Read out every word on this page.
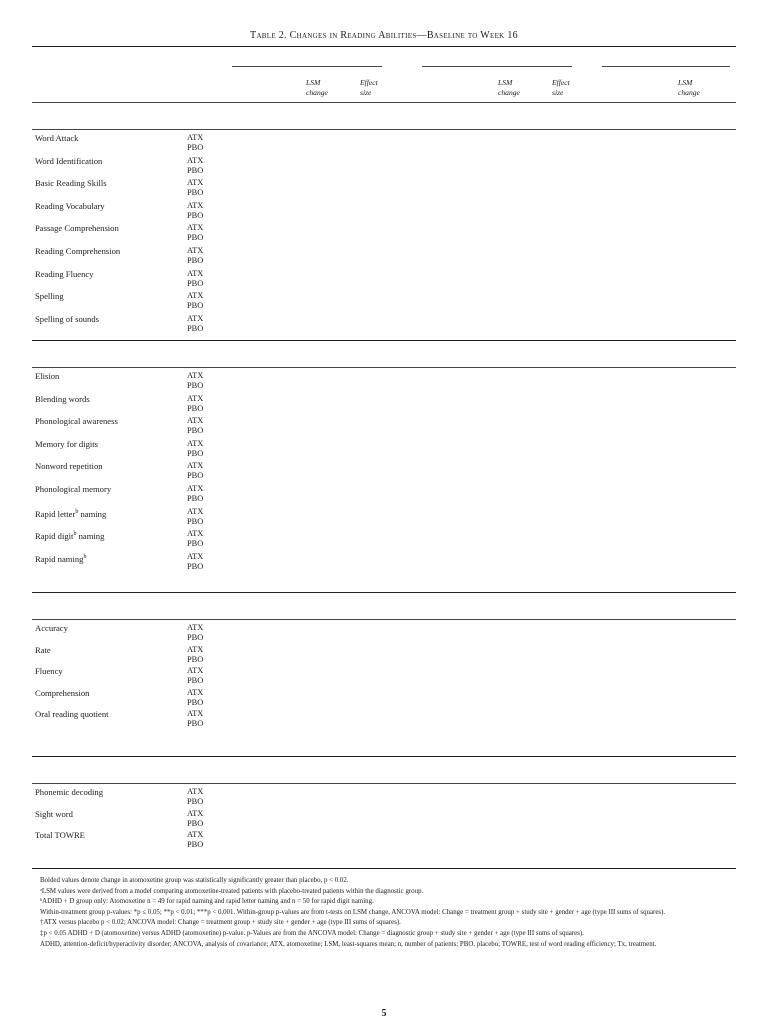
Table 2. Changes in Reading Abilities—Baseline to Week 16
LSM
change
Effect
size
LSM
change
Effect
size
LSM
change
Word Attack	ATX
PBO
Word Identification	ATX
PBO
Basic Reading Skills	ATX
PBO
Reading Vocabulary	ATX
PBO
Passage Comprehension	ATX
PBO
Reading Comprehension	ATX
PBO
Reading Fluency	ATX
PBO
Spelling	ATX
PBO
Spelling of sounds	ATX
PBO
Elision	ATX
PBO
Blending words	ATX
PBO
Phonological awareness	ATX
PBO
Memory for digits	ATX
PBO
Nonword repetition	ATX
PBO
Phonological memory	ATX
PBO
Rapid letter$^b$ naming	ATX
PBO
Rapid digit$^b$ naming	ATX
PBO
Rapid naming$^b$	ATX
PBO
Accuracy	ATX
PBO
Rate	ATX
PBO
Fluency	ATX
PBO
Comprehension	ATX
PBO
Oral reading quotient	ATX
PBO
Phonemic decoding	ATX
PBO
Sight word	ATX
PBO
Total TOWRE	ATX
PBO

Bolded values denote change in atomoxetine group was statistically significantly greater than placebo, p < 0.02.

ᵃLSM values were derived from a model comparing atomoxetine-treated patients with placebo-treated patients within the diagnostic group.

ᵇADHD + D group only: Atomoxetine n = 49 for rapid naming and rapid letter naming and n = 50 for rapid digit naming.

Within-treatment group p-values: *p ≤ 0.05; **p < 0.01; ***p < 0.001. Within-group p-values are from t-tests on LSM change, ANCOVA model: Change = treatment group + study site + gender + age (type III sums of squares).

†ATX versus placebo p < 0.02; ANCOVA model: Change = treatment group + study site + gender + age (type III sums of squares).

‡p < 0.05 ADHD + D (atomoxetine) versus ADHD (atomoxetine) p-value. p-Values are from the ANCOVA model: Change = diagnostic group + study site + gender + age (type III sums of squares).

ADHD, attention-deficit/hyperactivity disorder; ANCOVA, analysis of covariance; ATX, atomoxetine; LSM, least-squares mean; n, number of patients; PBO, placebo; TOWRE, test of word reading efficiency; Tx, treatment.

5
